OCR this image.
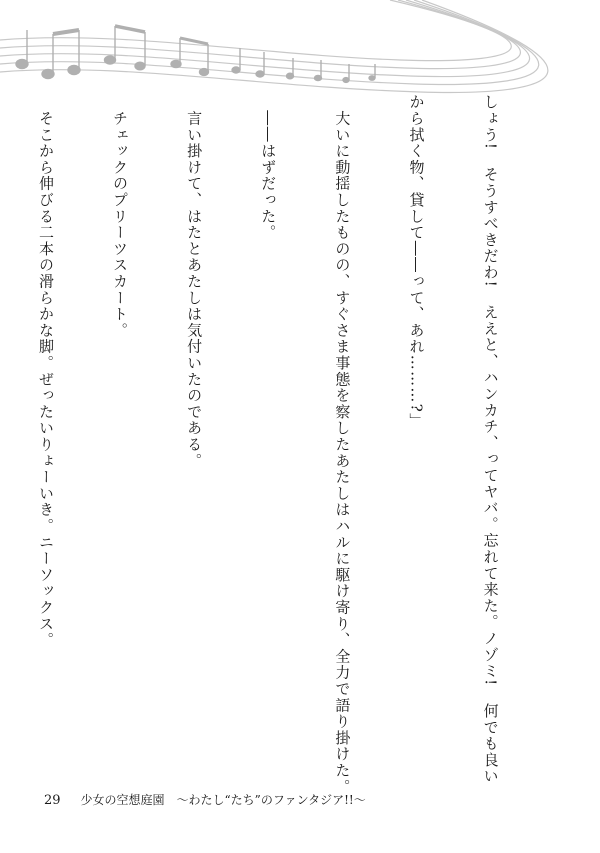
しょう!　そうすべきだわ!　ええと、ハンカチ、ってヤバ。忘れて来た。ノゾミ!　何でも良い

から拭く物、貸して――って、あれ………?」

　大いに動揺したものの、すぐさま事態を察したあたしはハルに駆け寄り、全力で語り掛けた。

　――はずだった。

　言い掛けて、はたとあたしは気付いたのである。

　チェックのプリーツスカート。

　そこから伸びる二本の滑らかな脚。ぜったいりょーいき。ニーソックス。

29 少女の空想庭園　～わたし“たち”のファンタジア!!～
